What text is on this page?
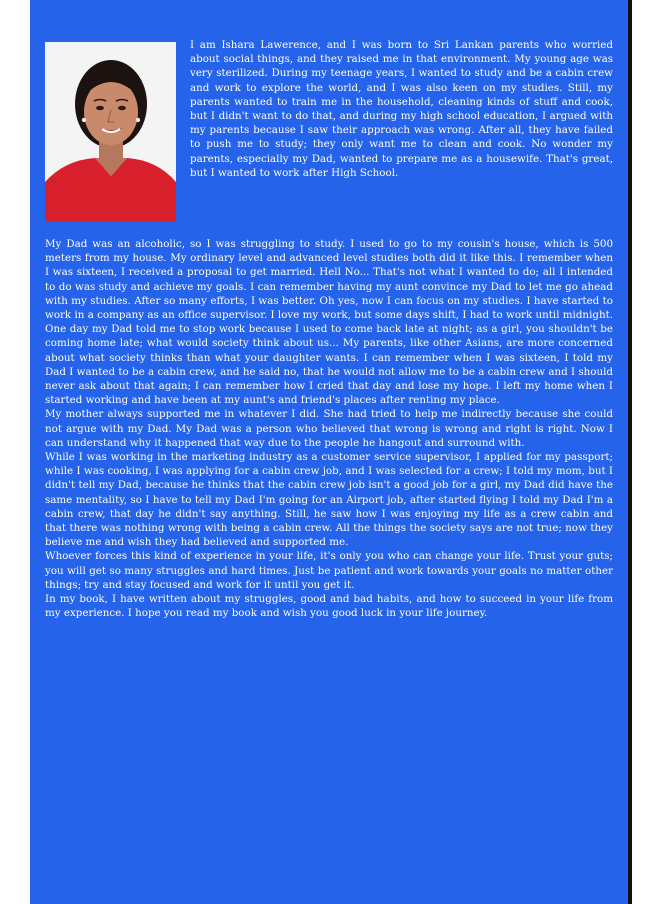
I am Ishara Lawerence, and I was born to Sri Lankan parents who worried about social things, and they raised me in that environment. My young age was very sterilized. During my teenage years, I wanted to study and be a cabin crew and work to explore the world, and I was also keen on my studies. Still, my parents wanted to train me in the household, cleaning kinds of stuff and cook, but I didn't want to do that, and during my high school education, I argued with my parents because I saw their approach was wrong. After all, they have failed to push me to study; they only want me to clean and cook. No wonder my parents, especially my Dad, wanted to prepare me as a housewife. That's great, but I wanted to work after High School.

My Dad was an alcoholic, so I was struggling to study. I used to go to my cousin's house, which is 500 meters from my house. My ordinary level and advanced level studies both did it like this. I remember when I was sixteen, I received a proposal to get married. Hell No... That's not what I wanted to do; all I intended to do was study and achieve my goals. I can remember having my aunt convince my Dad to let me go ahead with my studies. After so many efforts, I was better. Oh yes, now I can focus on my studies. I have started to work in a company as an office supervisor. I love my work, but some days shift, I had to work until midnight. One day my Dad told me to stop work because I used to come back late at night; as a girl, you shouldn't be coming home late; what would society think about us... My parents, like other Asians, are more concerned about what society thinks than what your daughter wants. I can remember when I was sixteen, I told my Dad I wanted to be a cabin crew, and he said no, that he would not allow me to be a cabin crew and I should never ask about that again; I can remember how I cried that day and lose my hope. I left my home when I started working and have been at my aunt's and friend's places after renting my place.

My mother always supported me in whatever I did. She had tried to help me indirectly because she could not argue with my Dad. My Dad was a person who believed that wrong is wrong and right is right. Now I can understand why it happened that way due to the people he hangout and surround with.

While I was working in the marketing industry as a customer service supervisor, I applied for my passport; while I was cooking, I was applying for a cabin crew job, and I was selected for a crew; I told my mom, but I didn't tell my Dad, because he thinks that the cabin crew job isn't a good job for a girl, my Dad did have the same mentality, so I have to tell my Dad I'm going for an Airport job, after started flying I told my Dad I'm a cabin crew, that day he didn't say anything. Still, he saw how I was enjoying my life as a crew cabin and that there was nothing wrong with being a cabin crew. All the things the society says are not true; now they believe me and wish they had believed and supported me.

Whoever forces this kind of experience in your life, it's only you who can change your life. Trust your guts; you will get so many struggles and hard times. Just be patient and work towards your goals no matter other things; try and stay focused and work for it until you get it.

In my book, I have written about my struggles, good and bad habits, and how to succeed in your life from my experience. I hope you read my book and wish you good luck in your life journey.
